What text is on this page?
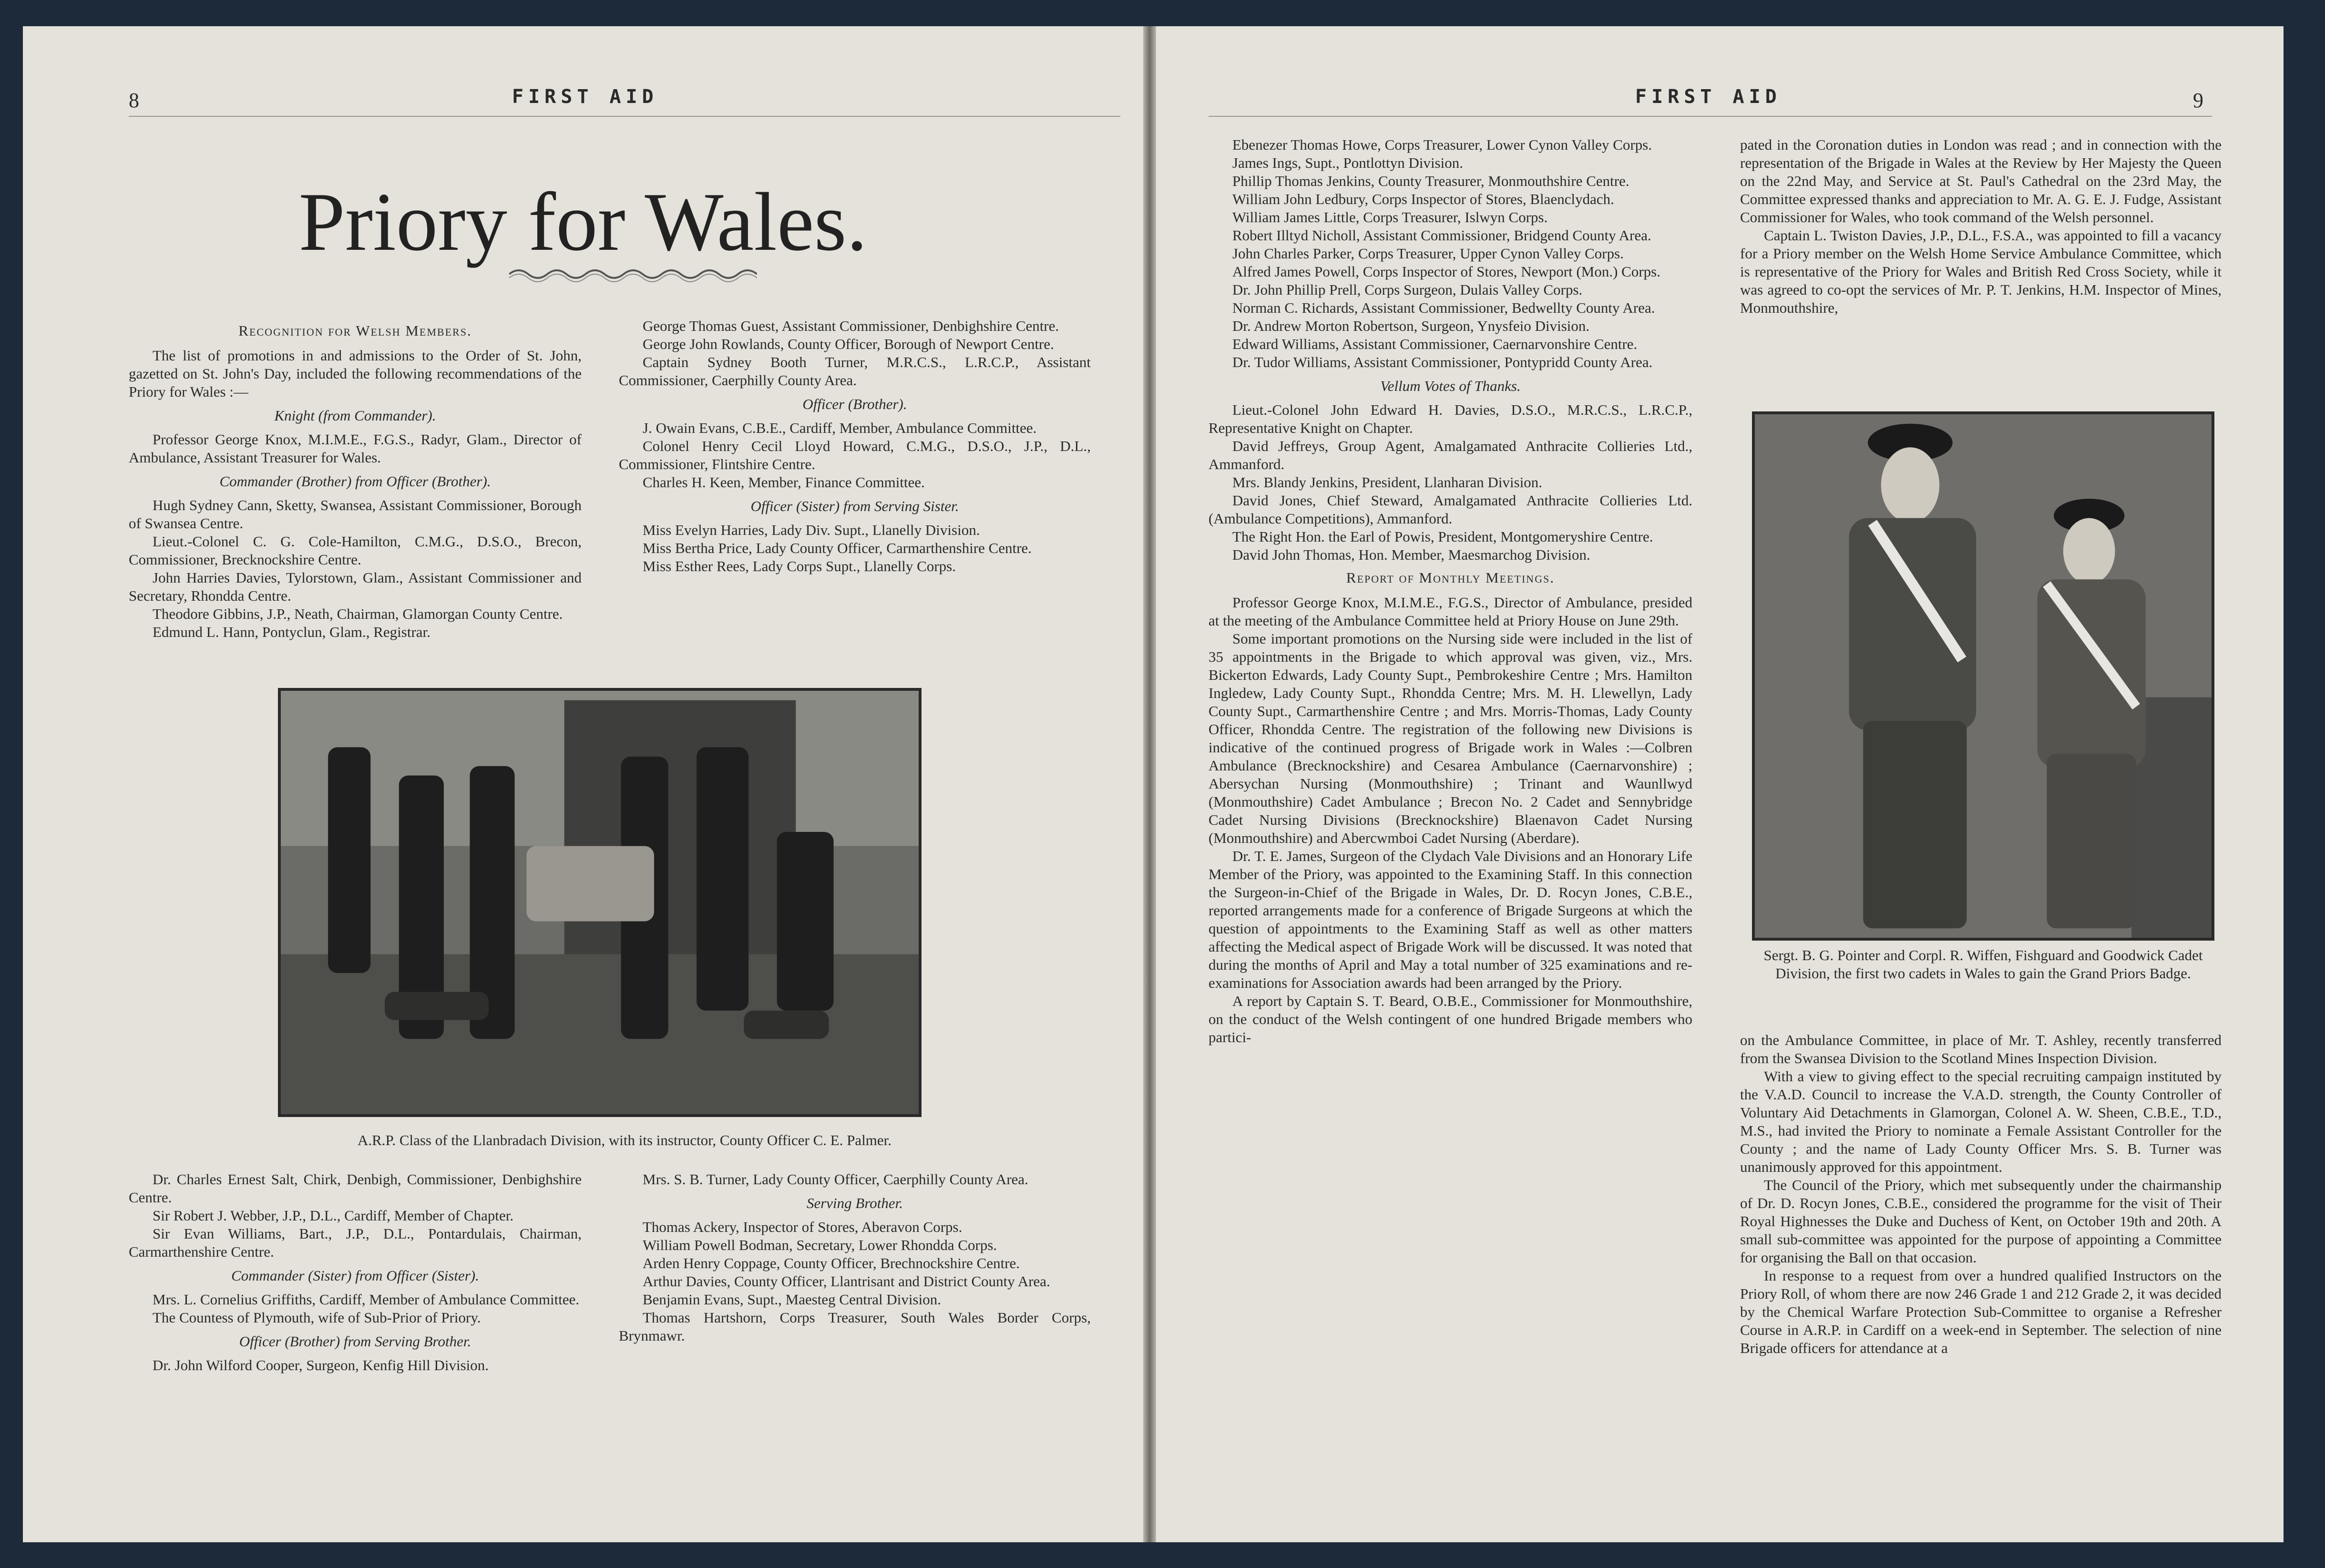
8	FIRST AID
Priory for Wales.

Recognition for Welsh Members.

The list of promotions in and admissions to the Order of St. John, gazetted on St. John's Day, included the following recommendations of the Priory for Wales :—

Knight (from Commander).

Professor George Knox, M.I.M.E., F.G.S., Radyr, Glam., Director of Ambulance, Assistant Treasurer for Wales.

Commander (Brother) from Officer (Brother).

Hugh Sydney Cann, Sketty, Swansea, Assistant Commissioner, Borough of Swansea Centre.

Lieut.-Colonel C. G. Cole-Hamilton, C.M.G., D.S.O., Brecon, Commissioner, Brecknockshire Centre.

John Harries Davies, Tylorstown, Glam., Assistant Commissioner and Secretary, Rhondda Centre.

Theodore Gibbins, J.P., Neath, Chairman, Glamorgan County Centre.

Edmund L. Hann, Pontyclun, Glam., Registrar.

George Thomas Guest, Assistant Commissioner, Denbighshire Centre.

George John Rowlands, County Officer, Borough of Newport Centre.

Captain Sydney Booth Turner, M.R.C.S., L.R.C.P., Assistant Commissioner, Caerphilly County Area.

Officer (Brother).

J. Owain Evans, C.B.E., Cardiff, Member, Ambulance Committee.

Colonel Henry Cecil Lloyd Howard, C.M.G., D.S.O., J.P., D.L., Commissioner, Flintshire Centre.

Charles H. Keen, Member, Finance Committee.

Officer (Sister) from Serving Sister.

Miss Evelyn Harries, Lady Div. Supt., Llanelly Division.

Miss Bertha Price, Lady County Officer, Carmarthenshire Centre.

Miss Esther Rees, Lady Corps Supt., Llanelly Corps.

A.R.P. Class of the Llanbradach Division, with its instructor, County Officer C. E. Palmer.

Dr. Charles Ernest Salt, Chirk, Denbigh, Commissioner, Denbighshire Centre.

Sir Robert J. Webber, J.P., D.L., Cardiff, Member of Chapter.

Sir Evan Williams, Bart., J.P., D.L., Pontardulais, Chairman, Carmarthenshire Centre.

Commander (Sister) from Officer (Sister).

Mrs. L. Cornelius Griffiths, Cardiff, Member of Ambulance Committee.

The Countess of Plymouth, wife of Sub-Prior of Priory.

Officer (Brother) from Serving Brother.

Dr. John Wilford Cooper, Surgeon, Kenfig Hill Division.

Mrs. S. B. Turner, Lady County Officer, Caerphilly County Area.

Serving Brother.

Thomas Ackery, Inspector of Stores, Aberavon Corps.

William Powell Bodman, Secretary, Lower Rhondda Corps.

Arden Henry Coppage, County Officer, Brechnockshire Centre.

Arthur Davies, County Officer, Llantrisant and District County Area.

Benjamin Evans, Supt., Maesteg Central Division.

Thomas Hartshorn, Corps Treasurer, South Wales Border Corps, Brynmawr.

FIRST AID	9

Ebenezer Thomas Howe, Corps Treasurer, Lower Cynon Valley Corps.

James Ings, Supt., Pontlottyn Division.

Phillip Thomas Jenkins, County Treasurer, Monmouthshire Centre.

William John Ledbury, Corps Inspector of Stores, Blaenclydach.

William James Little, Corps Treasurer, Islwyn Corps.

Robert Illtyd Nicholl, Assistant Commissioner, Bridgend County Area.

John Charles Parker, Corps Treasurer, Upper Cynon Valley Corps.

Alfred James Powell, Corps Inspector of Stores, Newport (Mon.) Corps.

Dr. John Phillip Prell, Corps Surgeon, Dulais Valley Corps.

Norman C. Richards, Assistant Commissioner, Bedwellty County Area.

Dr. Andrew Morton Robertson, Surgeon, Ynysfeio Division.

Edward Williams, Assistant Commissioner, Caernarvonshire Centre.

Dr. Tudor Williams, Assistant Commissioner, Pontypridd County Area.

Vellum Votes of Thanks.

Lieut.-Colonel John Edward H. Davies, D.S.O., M.R.C.S., L.R.C.P., Representative Knight on Chapter.

David Jeffreys, Group Agent, Amalgamated Anthracite Collieries Ltd., Ammanford.

Mrs. Blandy Jenkins, President, Llanharan Division.

David Jones, Chief Steward, Amalgamated Anthracite Collieries Ltd. (Ambulance Competitions), Ammanford.

The Right Hon. the Earl of Powis, President, Montgomeryshire Centre.

David John Thomas, Hon. Member, Maesmarchog Division.

Report of Monthly Meetings.

Professor George Knox, M.I.M.E., F.G.S., Director of Ambulance, presided at the meeting of the Ambulance Committee held at Priory House on June 29th.

Some important promotions on the Nursing side were included in the list of 35 appointments in the Brigade to which approval was given, viz., Mrs. Bickerton Edwards, Lady County Supt., Pembrokeshire Centre ; Mrs. Hamilton Ingledew, Lady County Supt., Rhondda Centre; Mrs. M. H. Llewellyn, Lady County Supt., Carmarthenshire Centre ; and Mrs. Morris-Thomas, Lady County Officer, Rhondda Centre. The registration of the following new Divisions is indicative of the continued progress of Brigade work in Wales :—Colbren Ambulance (Brecknockshire) and Cesarea Ambulance (Caernarvonshire) ; Abersychan Nursing (Monmouthshire) ; Trinant and Waunllwyd (Monmouthshire) Cadet Ambulance ; Brecon No. 2 Cadet and Sennybridge Cadet Nursing Divisions (Brecknockshire) Blaenavon Cadet Nursing (Monmouthshire) and Abercwmboi Cadet Nursing (Aberdare).

Dr. T. E. James, Surgeon of the Clydach Vale Divisions and an Honorary Life Member of the Priory, was appointed to the Examining Staff. In this connection the Surgeon-in-Chief of the Brigade in Wales, Dr. D. Rocyn Jones, C.B.E., reported arrangements made for a conference of Brigade Surgeons at which the question of appointments to the Examining Staff as well as other matters affecting the Medical aspect of Brigade Work will be discussed. It was noted that during the months of April and May a total number of 325 examinations and re-examinations for Association awards had been arranged by the Priory.

A report by Captain S. T. Beard, O.B.E., Commissioner for Monmouthshire, on the conduct of the Welsh contingent of one hundred Brigade members who partici-

pated in the Coronation duties in London was read ; and in connection with the representation of the Brigade in Wales at the Review by Her Majesty the Queen on the 22nd May, and Service at St. Paul's Cathedral on the 23rd May, the Committee expressed thanks and appreciation to Mr. A. G. E. J. Fudge, Assistant Commissioner for Wales, who took command of the Welsh personnel.

Captain L. Twiston Davies, J.P., D.L., F.S.A., was appointed to fill a vacancy for a Priory member on the Welsh Home Service Ambulance Committee, which is representative of the Priory for Wales and British Red Cross Society, while it was agreed to co-opt the services of Mr. P. T. Jenkins, H.M. Inspector of Mines, Monmouthshire,

Sergt. B. G. Pointer and Corpl. R. Wiffen, Fishguard and Goodwick Cadet Division, the first two cadets in Wales to gain the Grand Priors Badge.

on the Ambulance Committee, in place of Mr. T. Ashley, recently transferred from the Swansea Division to the Scotland Mines Inspection Division.

With a view to giving effect to the special recruiting campaign instituted by the V.A.D. Council to increase the V.A.D. strength, the County Controller of Voluntary Aid Detachments in Glamorgan, Colonel A. W. Sheen, C.B.E., T.D., M.S., had invited the Priory to nominate a Female Assistant Controller for the County ; and the name of Lady County Officer Mrs. S. B. Turner was unanimously approved for this appointment.

The Council of the Priory, which met subsequently under the chairmanship of Dr. D. Rocyn Jones, C.B.E., considered the programme for the visit of Their Royal Highnesses the Duke and Duchess of Kent, on October 19th and 20th. A small sub-committee was appointed for the purpose of appointing a Committee for organising the Ball on that occasion.

In response to a request from over a hundred qualified Instructors on the Priory Roll, of whom there are now 246 Grade 1 and 212 Grade 2, it was decided by the Chemical Warfare Protection Sub-Committee to organise a Refresher Course in A.R.P. in Cardiff on a week-end in September. The selection of nine Brigade officers for attendance at a
